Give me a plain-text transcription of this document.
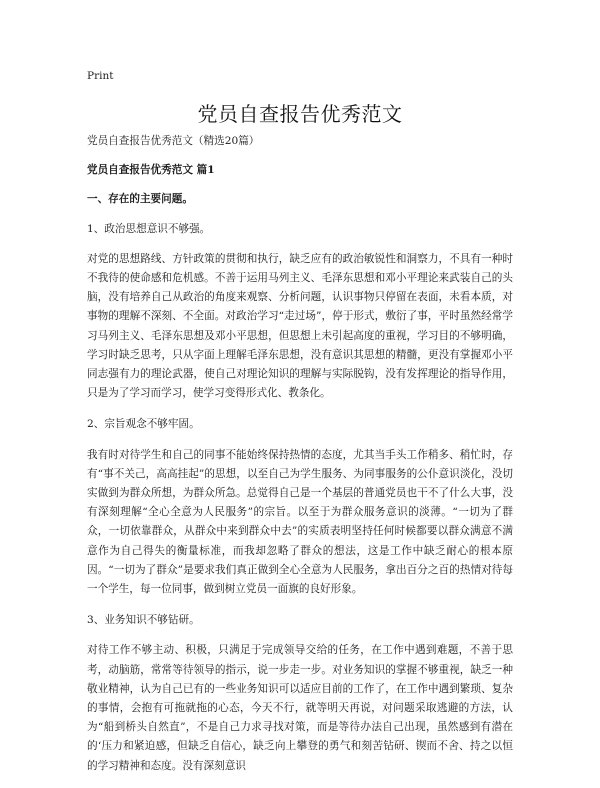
Print
党员自查报告优秀范文

党员自查报告优秀范文（精选20篇）

党员自查报告优秀范文 篇1

一、存在的主要问题。

1、政治思想意识不够强。

对党的思想路线、方针政策的贯彻和执行，缺乏应有的政治敏锐性和洞察力，不具有一种时不我待的使命感和危机感。不善于运用马列主义、毛泽东思想和邓小平理论来武装自己的头脑，没有培养自己从政治的角度来观察、分析问题，认识事物只停留在表面，未看本质，对事物的理解不深刻、不全面。对政治学习“走过场”，停于形式，敷衍了事，平时虽然经常学习马列主义、毛泽东思想及邓小平思想，但思想上未引起高度的重视，学习目的不够明确，学习时缺乏思考，只从字面上理解毛泽东思想，没有意识其思想的精髓，更没有掌握邓小平同志强有力的理论武器，使自己对理论知识的理解与实际脱钩，没有发挥理论的指导作用，只是为了学习而学习，使学习变得形式化、教条化。

2、宗旨观念不够牢固。

我有时对待学生和自己的同事不能始终保持热情的态度，尤其当手头工作稍多、稍忙时，存有“事不关己，高高挂起”的思想，以至自己为学生服务、为同事服务的公仆意识淡化，没切实做到为群众所想，为群众所急。总觉得自己是一个基层的普通党员也干不了什么大事，没有深刻理解“全心全意为人民服务”的宗旨。以至于为群众服务意识的淡薄。“一切为了群众，一切依靠群众，从群众中来到群众中去”的实质表明坚持任何时候都要以群众满意不满意作为自己得失的衡量标准，而我却忽略了群众的想法，这是工作中缺乏耐心的根本原因。“一切为了群众”是要求我们真正做到全心全意为人民服务，拿出百分之百的热情对待每一个学生，每一位同事，做到树立党员一面旗的良好形象。

3、业务知识不够钻研。

对待工作不够主动、积极，只满足于完成领导交给的任务，在工作中遇到难题，不善于思考，动脑筋，常常等待领导的指示，说一步走一步。对业务知识的掌握不够重视，缺乏一种敬业精神，认为自己已有的一些业务知识可以适应目前的工作了，在工作中遇到繁琐、复杂的事情，会抱有可拖就拖的心态，今天不行，就等明天再说，对问题采取逃避的方法，认为“船到桥头自然直”，不是自己力求寻找对策，而是等待办法自己出现，虽然感到有潜在的‘压力和紧迫感，但缺乏自信心，缺乏向上攀登的勇气和刻苦钻研、锲而不舍、持之以恒的学习精神和态度。没有深刻意识
